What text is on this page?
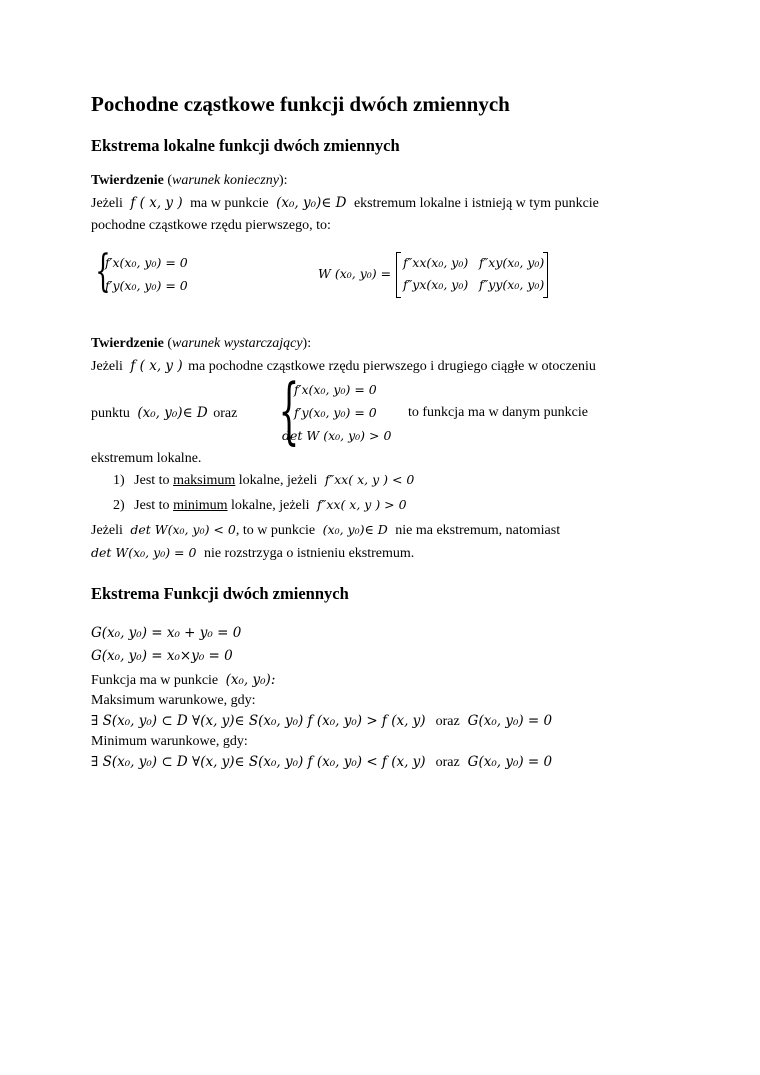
Pochodne cząstkowe funkcji dwóch zmiennych
Ekstrema lokalne funkcji dwóch zmiennych
Twierdzenie (warunek konieczny):
Jeżeli f ( x, y ) ma w punkcie (x₀, y₀)∈ D ekstremum lokalne i istnieją w tym punkcie
pochodne cząstkowe rzędu pierwszego, to:
{
f′x(x₀, y₀) = 0
f′y(x₀, y₀) = 0
W (x₀, y₀) =
f″xx(x₀, y₀) f″xy(x₀, y₀)
f″yx(x₀, y₀) f″yy(x₀, y₀)
Twierdzenie (warunek wystarczający):
Jeżeli f ( x, y ) ma pochodne cząstkowe rzędu pierwszego i drugiego ciągłe w otoczeniu
punktu (x₀, y₀)∈ D oraz {
f′x(x₀, y₀) = 0
f′y(x₀, y₀) = 0
det W (x₀, y₀) > 0
to funkcja ma w danym punkcie
ekstremum lokalne.
1) Jest to maksimum lokalne, jeżeli f″xx( x, y ) < 0
2) Jest to minimum lokalne, jeżeli f″xx( x, y ) > 0
Jeżeli det W(x₀, y₀) < 0, to w punkcie (x₀, y₀)∈ D nie ma ekstremum, natomiast
det W(x₀, y₀) = 0 nie rozstrzyga o istnieniu ekstremum.
Ekstrema Funkcji dwóch zmiennych
G(x₀, y₀) = x₀ + y₀ = 0
G(x₀, y₀) = x₀×y₀ = 0
Funkcja ma w punkcie (x₀, y₀):
Maksimum warunkowe, gdy:
∃ S(x₀, y₀) ⊂ D ∀(x, y)∈ S(x₀, y₀) f (x₀, y₀) > f (x, y) oraz G(x₀, y₀) = 0
Minimum warunkowe, gdy:
∃ S(x₀, y₀) ⊂ D ∀(x, y)∈ S(x₀, y₀) f (x₀, y₀) < f (x, y) oraz G(x₀, y₀) = 0
